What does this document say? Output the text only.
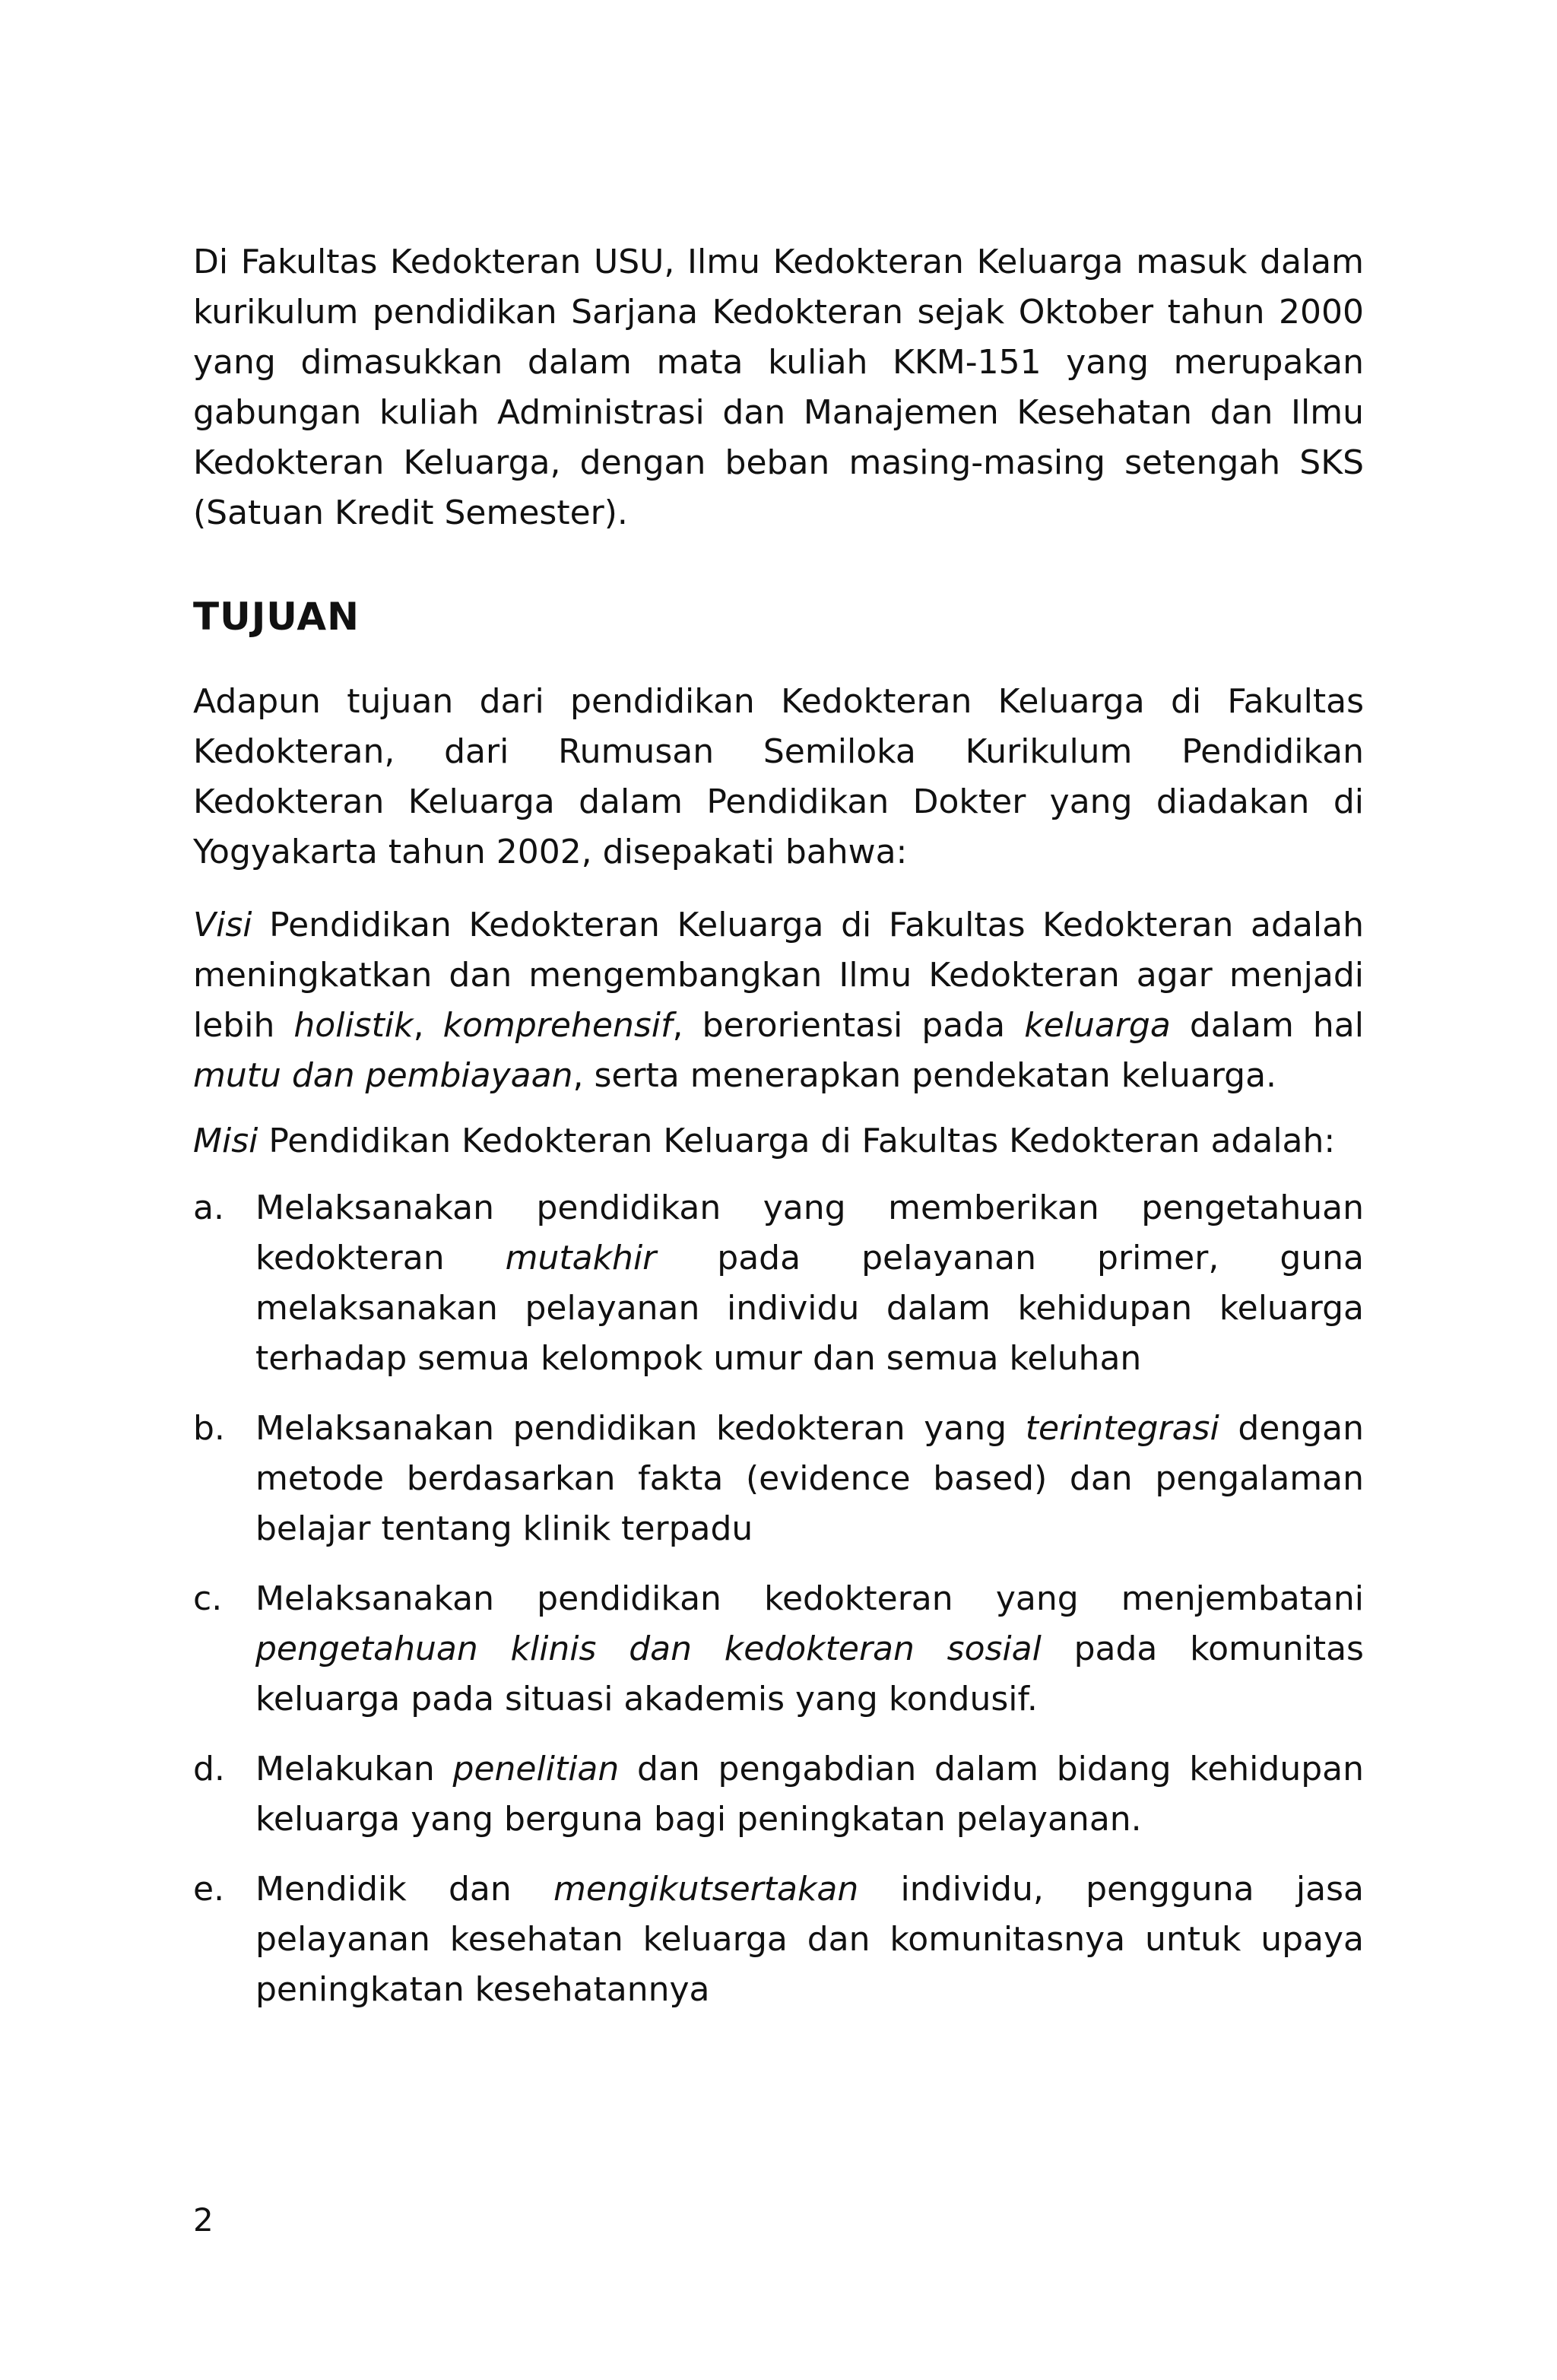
Di Fakultas Kedokteran USU, Ilmu Kedokteran Keluarga masuk dalam kurikulum pendidikan Sarjana Kedokteran sejak Oktober tahun 2000 yang dimasukkan dalam mata kuliah KKM-151 yang merupakan gabungan kuliah Administrasi dan Manajemen Kesehatan dan Ilmu Kedokteran Keluarga, dengan beban masing-masing setengah SKS (Satuan Kredit Semester).

TUJUAN

Adapun tujuan dari pendidikan Kedokteran Keluarga di Fakultas Kedokteran, dari Rumusan Semiloka Kurikulum Pendidikan Kedokteran Keluarga dalam Pendidikan Dokter yang diadakan di Yogyakarta tahun 2002, disepakati bahwa:

Visi Pendidikan Kedokteran Keluarga di Fakultas Kedokteran adalah meningkatkan dan mengembangkan Ilmu Kedokteran agar menjadi lebih holistik, komprehensif, berorientasi pada keluarga dalam hal mutu dan pembiayaan, serta menerapkan pendekatan keluarga.

Misi Pendidikan Kedokteran Keluarga di Fakultas Kedokteran adalah:

a. Melaksanakan pendidikan yang memberikan pengetahuan kedokteran mutakhir pada pelayanan primer, guna melaksanakan pelayanan individu dalam kehidupan keluarga terhadap semua kelompok umur dan semua keluhan
b. Melaksanakan pendidikan kedokteran yang terintegrasi dengan metode berdasarkan fakta (evidence based) dan pengalaman belajar tentang klinik terpadu
c. Melaksanakan pendidikan kedokteran yang menjembatani pengetahuan klinis dan kedokteran sosial pada komunitas keluarga pada situasi akademis yang kondusif.
d. Melakukan penelitian dan pengabdian dalam bidang kehidupan keluarga yang berguna bagi peningkatan pelayanan.
e. Mendidik dan mengikutsertakan individu, pengguna jasa pelayanan kesehatan keluarga dan komunitasnya untuk upaya peningkatan kesehatannya
2
